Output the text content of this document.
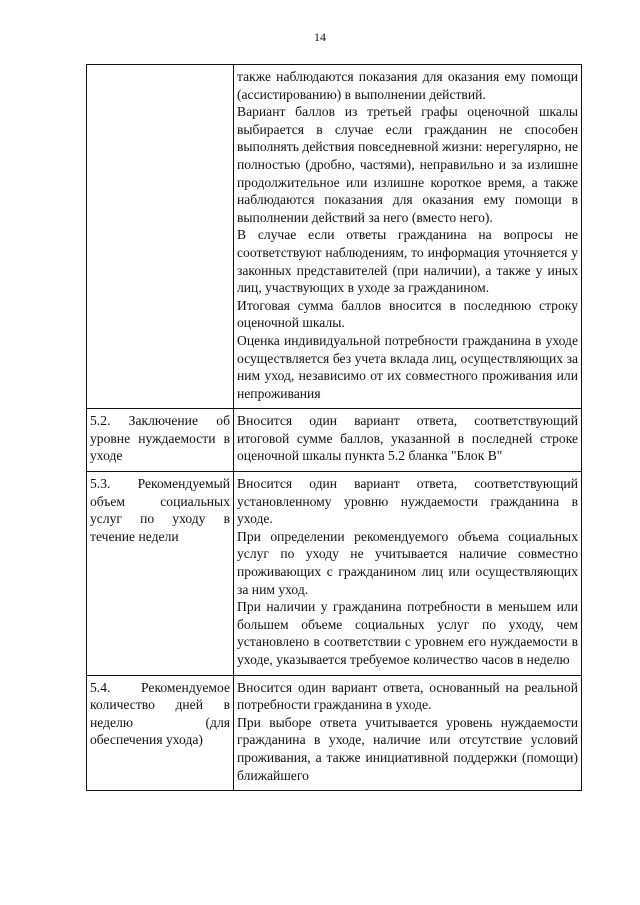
14

	также наблюдаются показания для оказания ему помощи (ассистированию) в выполнении действий.

Вариант баллов из третьей графы оценочной шкалы выбирается в случае если гражданин не способен выполнять действия повседневной жизни: нерегулярно, не полностью (дробно, частями), неправильно и за излишне продолжительное или излишне короткое время, а также наблюдаются показания для оказания ему помощи в выполнении действий за него (вместо него).

В случае если ответы гражданина на вопросы не соответствуют наблюдениям, то информация уточняется у законных представителей (при наличии), а также у иных лиц, участвующих в уходе за гражданином.

Итоговая сумма баллов вносится в последнюю строку оценочной шкалы.

Оценка индивидуальной потребности гражданина в уходе осуществляется без учета вклада лиц, осуществляющих за ним уход, независимо от их совместного проживания или непроживания

5.2. Заключение об уровне нуждаемости в уходе	Вносится один вариант ответа, соответствующий итоговой сумме баллов, указанной в последней строке оценочной шкалы пункта 5.2 бланка "Блок В"

5.3. Рекомендуемый объем социальных услуг по уходу в течение недели	Вносится один вариант ответа, соответствующий установленному уровню нуждаемости гражданина в уходе.

При определении рекомендуемого объема социальных услуг по уходу не учитывается наличие совместно проживающих с гражданином лиц или осуществляющих за ним уход.

При наличии у гражданина потребности в меньшем или большем объеме социальных услуг по уходу, чем установлено в соответствии с уровнем его нуждаемости в уходе, указывается требуемое количество часов в неделю

5.4. Рекомендуемое количество дней в неделю (для обеспечения ухода)	Вносится один вариант ответа, основанный на реальной потребности гражданина в уходе.

При выборе ответа учитывается уровень нуждаемости гражданина в уходе, наличие или отсутствие условий проживания, а также инициативной поддержки (помощи) ближайшего
